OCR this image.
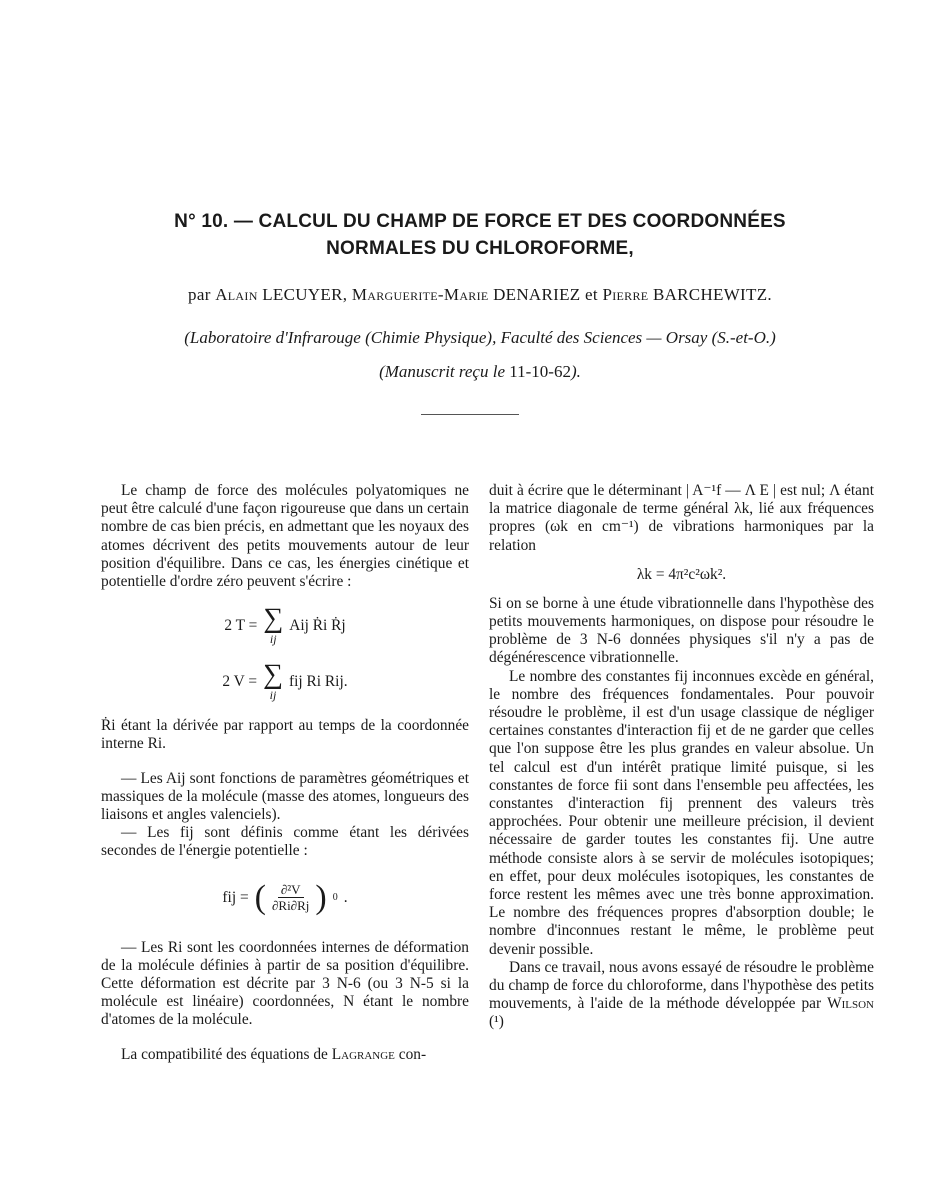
N° 10. — CALCUL DU CHAMP DE FORCE ET DES COORDONNÉES
NORMALES DU CHLOROFORME,
par Alain LECUYER, Marguerite-Marie DENARIEZ et Pierre BARCHEWITZ.
(Laboratoire d'Infrarouge (Chimie Physique), Faculté des Sciences — Orsay (S.-et-O.)
(Manuscrit reçu le 11-10-62).

Le champ de force des molécules polyatomiques ne peut être calculé d'une façon rigoureuse que dans un certain nombre de cas bien précis, en admettant que les noyaux des atomes décrivent des petits mouvements autour de leur position d'équilibre. Dans ce cas, les énergies cinétique et potentielle d'ordre zéro peuvent s'écrire :

2 T = ∑
ij
Aij Ṙi Ṙj
2 V = ∑
ij
fij Ri Rij.

Ṙi étant la dérivée par rapport au temps de la coordonnée interne Ri.

— Les Aij sont fonctions de paramètres géométriques et massiques de la molécule (masse des atomes, longueurs des liaisons et angles valenciels).

— Les fij sont définis comme étant les dérivées secondes de l'énergie potentielle :

fij = ( $\frac{\text{∂²V}}{\partial Ri\partial Rj}$ ) 0 .

— Les Ri sont les coordonnées internes de déformation de la molécule définies à partir de sa position d'équilibre. Cette déformation est décrite par 3 N-6 (ou 3 N-5 si la molécule est linéaire) coordonnées, N étant le nombre d'atomes de la molécule.

La compatibilité des équations de Lagrange con-

duit à écrire que le déterminant | A⁻¹f — Λ E | est nul; Λ étant la matrice diagonale de terme général λk, lié aux fréquences propres (ωk en cm⁻¹) de vibrations harmoniques par la relation

λk = 4π²c²ωk².

Si on se borne à une étude vibrationnelle dans l'hypothèse des petits mouvements harmoniques, on dispose pour résoudre le problème de 3 N-6 données physiques s'il n'y a pas de dégénérescence vibrationnelle.

Le nombre des constantes fij inconnues excède en général, le nombre des fréquences fondamentales. Pour pouvoir résoudre le problème, il est d'un usage classique de négliger certaines constantes d'interaction fij et de ne garder que celles que l'on suppose être les plus grandes en valeur absolue. Un tel calcul est d'un intérêt pratique limité puisque, si les constantes de force fii sont dans l'ensemble peu affectées, les constantes d'interaction fij prennent des valeurs très approchées. Pour obtenir une meilleure précision, il devient nécessaire de garder toutes les constantes fij. Une autre méthode consiste alors à se servir de molécules isotopiques; en effet, pour deux molécules isotopiques, les constantes de force restent les mêmes avec une très bonne approximation. Le nombre des fréquences propres d'absorption double; le nombre d'inconnues restant le même, le problème peut devenir possible.

Dans ce travail, nous avons essayé de résoudre le problème du champ de force du chloroforme, dans l'hypothèse des petits mouvements, à l'aide de la méthode développée par Wilson (¹)
